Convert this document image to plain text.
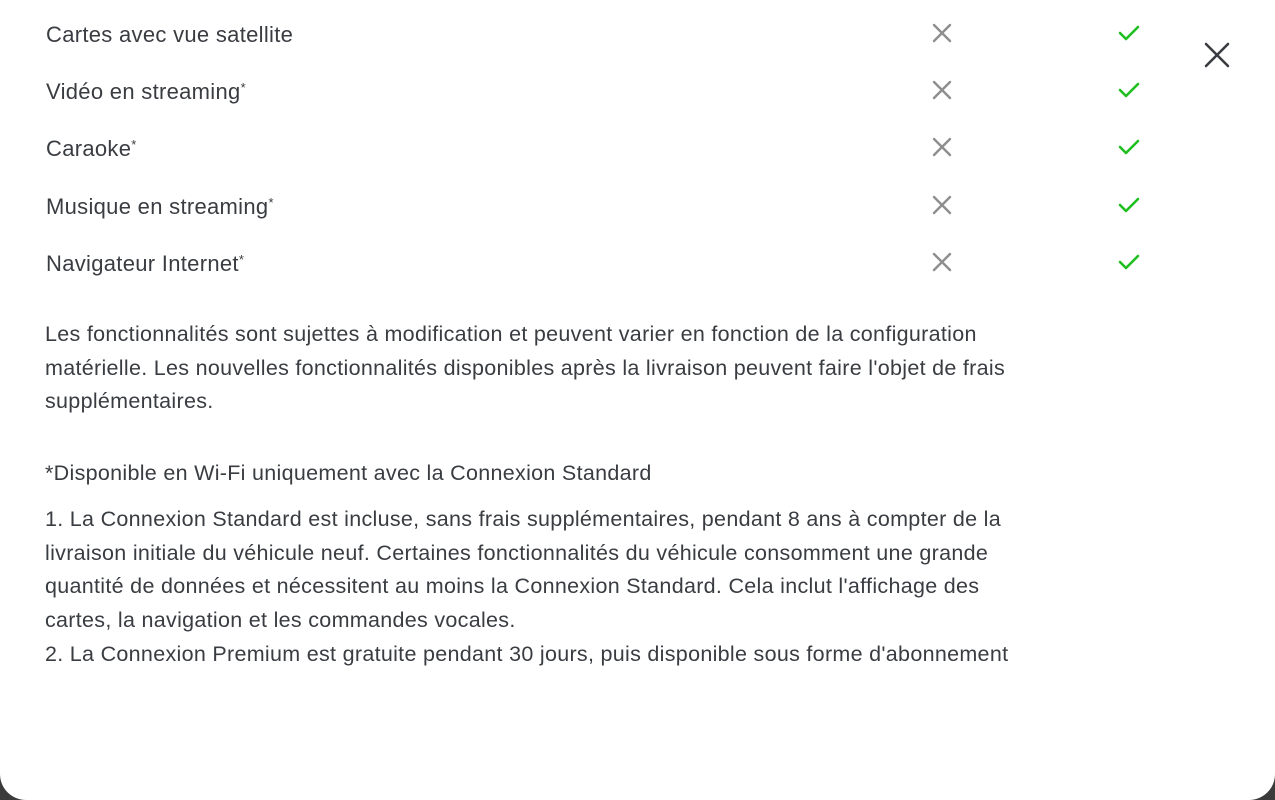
Cartes avec vue satellite
Vidéo en streaming*
Caraoke*
Musique en streaming*
Navigateur Internet*

Les fonctionnalités sont sujettes à modification et peuvent varier en fonction de la configuration
matérielle. Les nouvelles fonctionnalités disponibles après la livraison peuvent faire l'objet de frais
supplémentaires.

*Disponible en Wi-Fi uniquement avec la Connexion Standard

1. La Connexion Standard est incluse, sans frais supplémentaires, pendant 8 ans à compter de la
livraison initiale du véhicule neuf. Certaines fonctionnalités du véhicule consomment une grande
quantité de données et nécessitent au moins la Connexion Standard. Cela inclut l'affichage des
cartes, la navigation et les commandes vocales.
2. La Connexion Premium est gratuite pendant 30 jours, puis disponible sous forme d'abonnement
